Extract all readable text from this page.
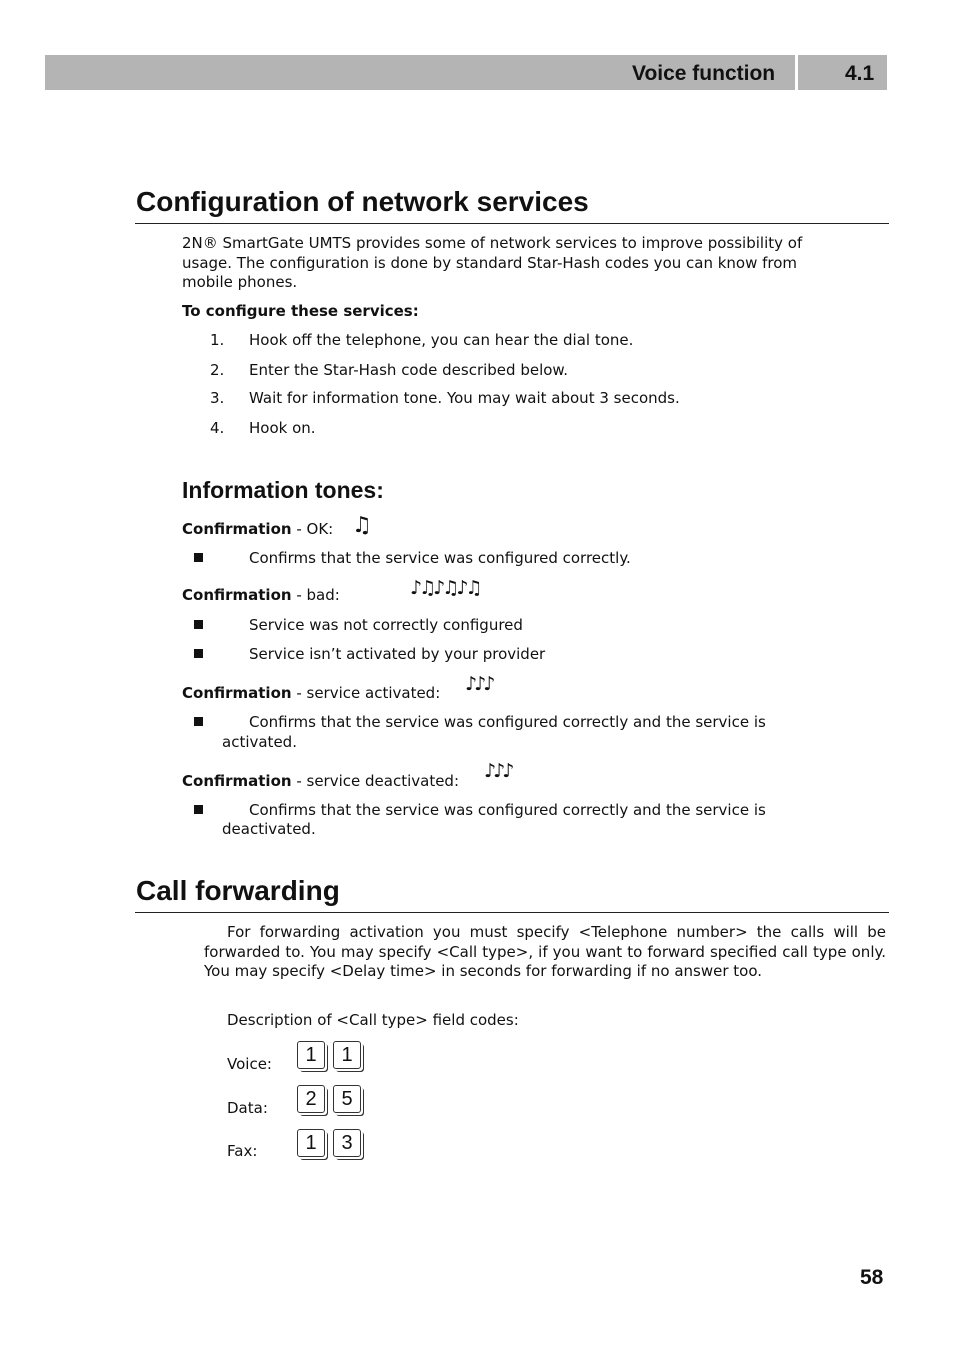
Voice function	4.1
Configuration of network services

2N® SmartGate UMTS provides some of network services to improve possibility of

usage. The configuration is done by standard Star-Hash codes you can know from

mobile phones.

To configure these services:

1. Hook off the telephone, you can hear the dial tone.
2. Enter the Star-Hash code described below.
3. Wait for information tone. You may wait about 3 seconds.
4. Hook on.
Information tones:

Confirmation - OK: ♫
Confirms that the service was configured correctly.

Confirmation - bad:	♪♫♪♫♪♫
Service was not correctly configured
Service isn’t activated by your provider

Confirmation - service activated: ♪♪♪
Confirms that the service was configured correctly and the service is
activated.

Confirmation - service deactivated: ♪♪♪
Confirms that the service was configured correctly and the service is
deactivated.
Call forwarding

For forwarding activation you must specify <Telephone number> the calls will be forwarded to. You may specify <Call type>, if you want to forward specified call type only. You may specify <Delay time> in seconds for forwarding if no answer too.

Description of <Call type> field codes:

Voice:	1	1
Data:	2	5
Fax:	1	3
58
